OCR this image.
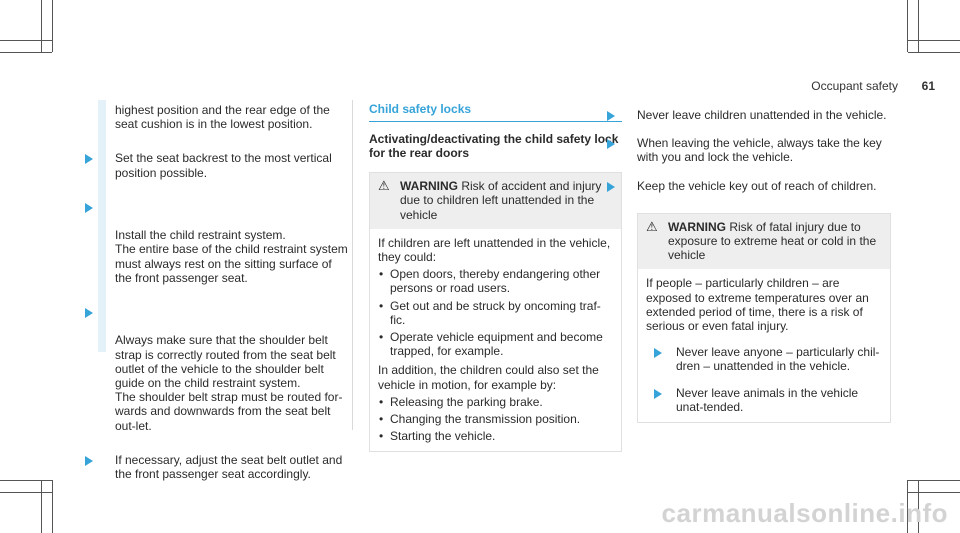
Occupant safety 61
highest position and the rear edge of the seat cushion is in the lowest position.
Set the seat backrest to the most vertical position possible.

Install the child restraint system.
The entire base of the child restraint system must always rest on the sitting surface of the front passenger seat.

Always make sure that the shoulder belt strap is correctly routed from the seat belt outlet of the vehicle to the shoulder belt guide on the child restraint system.
The shoulder belt strap must be routed for-wards and downwards from the seat belt out-let.

If necessary, adjust the seat belt outlet and the front passenger seat accordingly.
Child safety locks
Activating/deactivating the child safety lock for the rear doors
⚠ WARNING Risk of accident and injury due to children left unattended in the vehicle
If children are left unattended in the vehicle, they could:
• Open doors, thereby endangering other persons or road users.
• Get out and be struck by oncoming traf-fic.
• Operate vehicle equipment and become trapped, for example.
In addition, the children could also set the vehicle in motion, for example by:
• Releasing the parking brake.
• Changing the transmission position.
• Starting the vehicle.
Never leave children unattended in the vehicle.
When leaving the vehicle, always take the key with you and lock the vehicle.
Keep the vehicle key out of reach of children.
⚠ WARNING Risk of fatal injury due to exposure to extreme heat or cold in the vehicle
If people – particularly children – are exposed to extreme temperatures over an extended period of time, there is a risk of serious or even fatal injury.
Never leave anyone – particularly chil-dren – unattended in the vehicle.
Never leave animals in the vehicle unat-tended.
carmanualsonline.info
